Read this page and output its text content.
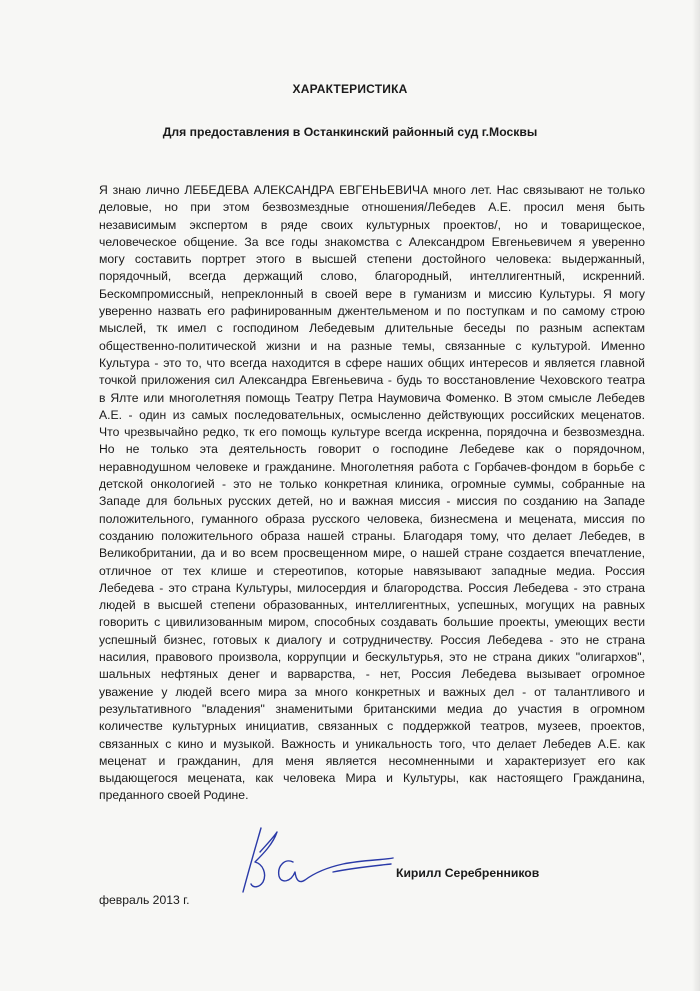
ХАРАКТЕРИСТИКА
Для предоставления в Останкинский районный суд г.Москвы
Я знаю лично ЛЕБЕДЕВА АЛЕКСАНДРА ЕВГЕНЬЕВИЧА много лет. Нас связывают не только
деловые, но при этом безвозмездные отношения/Лебедев А.Е. просил меня быть
независимым экспертом в ряде своих культурных проектов/, но и товарищеское,
человеческое общение. За все годы знакомства с Александром Евгеньевичем я уверенно
могу составить портрет этого в высшей степени достойного человека: выдержанный,
порядочный, всегда держащий слово, благородный, интеллигентный, искренний.
Бескомпромиссный, непреклонный в своей вере в гуманизм и миссию Культуры. Я могу
уверенно назвать его рафинированным джентельменом и по поступкам и по самому строю
мыслей, тк имел с господином Лебедевым длительные беседы по разным аспектам
общественно-политической жизни и на разные темы, связанные с культурой. Именно
Культура - это то, что всегда находится в сфере наших общих интересов и является главной
точкой приложения сил Александра Евгеньевича - будь то восстановление Чеховского театра
в Ялте или многолетняя помощь Театру Петра Наумовича Фоменко. В этом смысле Лебедев
А.Е. - один из самых последовательных, осмысленно действующих российских меценатов.
Что чрезвычайно редко, тк его помощь культуре всегда искренна, порядочна и безвозмездна.
Но не только эта деятельность говорит о господине Лебедеве как о порядочном,
неравнодушном человеке и гражданине. Многолетняя работа с Горбачев-фондом в борьбе с
детской онкологией - это не только конкретная клиника, огромные суммы, собранные на
Западе для больных русских детей, но и важная миссия - миссия по созданию на Западе
положительного, гуманного образа русского человека, бизнесмена и мецената, миссия по
созданию положительного образа нашей страны. Благодаря тому, что делает Лебедев, в
Великобритании, да и во всем просвещенном мире, о нашей стране создается впечатление,
отличное от тех клише и стереотипов, которые навязывают западные медиа. Россия
Лебедева - это страна Культуры, милосердия и благородства. Россия Лебедева - это страна
людей в высшей степени образованных, интеллигентных, успешных, могущих на равных
говорить с цивилизованным миром, способных создавать большие проекты, умеющих вести
успешный бизнес, готовых к диалогу и сотрудничеству. Россия Лебедева - это не страна
насилия, правового произвола, коррупции и бескультурья, это не страна диких "олигархов",
шальных нефтяных денег и варварства, - нет, Россия Лебедева вызывает огромное
уважение у людей всего мира за много конкретных и важных дел - от талантливого и
результативного "владения" знаменитыми британскими медиа до участия в огромном
количестве культурных инициатив, связанных с поддержкой театров, музеев, проектов,
связанных с кино и музыкой. Важность и уникальность того, что делает Лебедев А.Е. как
меценат и гражданин, для меня является несомненными и характеризует его как
выдающегося мецената, как человека Мира и Культуры, как настоящего Гражданина,
преданного своей Родине.
Кирилл Серебренников
февраль 2013 г.
